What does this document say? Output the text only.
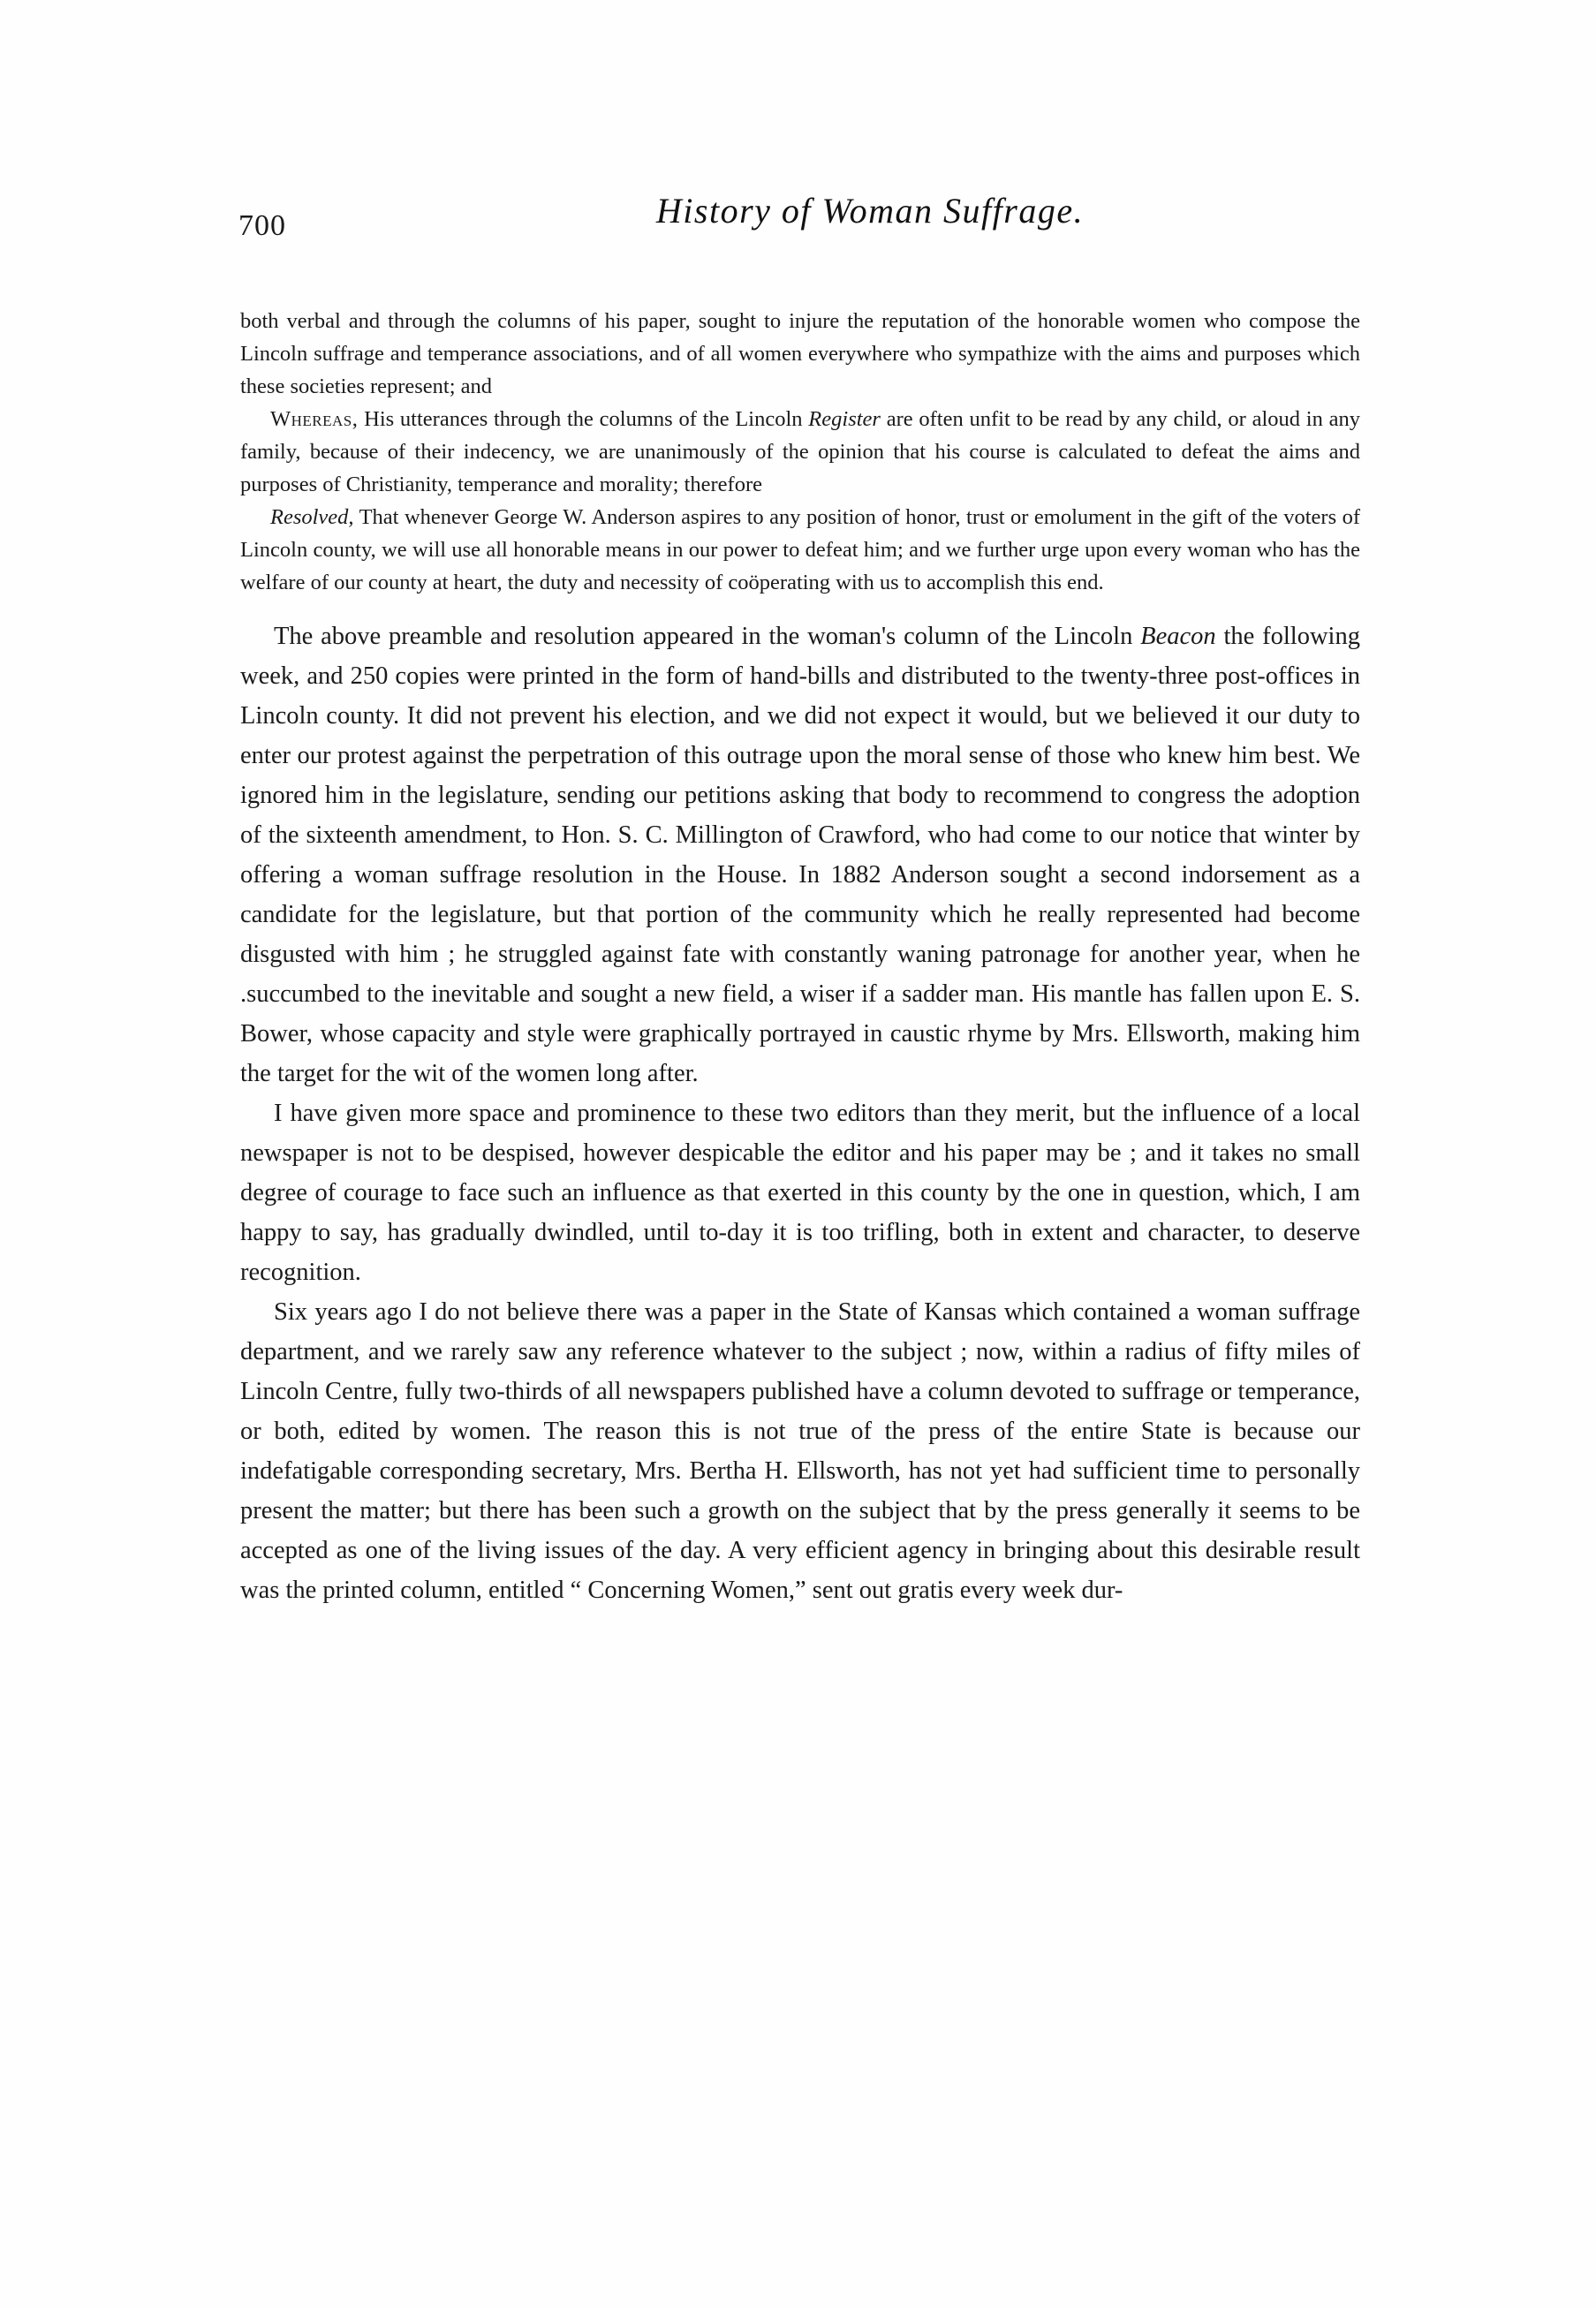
700	History of Woman Suffrage.

both verbal and through the columns of his paper, sought to injure the reputation of the honorable women who compose the Lincoln suffrage and temperance associations, and of all women everywhere who sympathize with the aims and purposes which these societies represent; and

Whereas, His utterances through the columns of the Lincoln Register are often unfit to be read by any child, or aloud in any family, because of their indecency, we are unanimously of the opinion that his course is calculated to defeat the aims and purposes of Christianity, temperance and morality; therefore

Resolved, That whenever George W. Anderson aspires to any position of honor, trust or emolument in the gift of the voters of Lincoln county, we will use all honorable means in our power to defeat him; and we further urge upon every woman who has the welfare of our county at heart, the duty and necessity of coöperating with us to accomplish this end.

The above preamble and resolution appeared in the woman's column of the Lincoln Beacon the following week, and 250 copies were printed in the form of hand-bills and distributed to the twenty-three post-offices in Lincoln county. It did not prevent his election, and we did not expect it would, but we believed it our duty to enter our protest against the perpetration of this outrage upon the moral sense of those who knew him best. We ignored him in the legislature, sending our petitions asking that body to recommend to congress the adoption of the sixteenth amendment, to Hon. S. C. Millington of Crawford, who had come to our notice that winter by offering a woman suffrage resolution in the House. In 1882 Anderson sought a second indorsement as a candidate for the legislature, but that portion of the community which he really represented had become disgusted with him ; he struggled against fate with constantly waning patronage for another year, when he .succumbed to the inevitable and sought a new field, a wiser if a sadder man. His mantle has fallen upon E. S. Bower, whose capacity and style were graphically portrayed in caustic rhyme by Mrs. Ellsworth, making him the target for the wit of the women long after.

I have given more space and prominence to these two editors than they merit, but the influence of a local newspaper is not to be despised, however despicable the editor and his paper may be ; and it takes no small degree of courage to face such an influence as that exerted in this county by the one in question, which, I am happy to say, has gradually dwindled, until to-day it is too trifling, both in extent and character, to deserve recognition.

Six years ago I do not believe there was a paper in the State of Kansas which contained a woman suffrage department, and we rarely saw any reference whatever to the subject ; now, within a radius of fifty miles of Lincoln Centre, fully two-thirds of all newspapers published have a column devoted to suffrage or temperance, or both, edited by women. The reason this is not true of the press of the entire State is because our indefatigable corresponding secretary, Mrs. Bertha H. Ellsworth, has not yet had sufficient time to personally present the matter; but there has been such a growth on the subject that by the press generally it seems to be accepted as one of the living issues of the day. A very efficient agency in bringing about this desirable result was the printed column, entitled “ Concerning Women,” sent out gratis every week dur-
